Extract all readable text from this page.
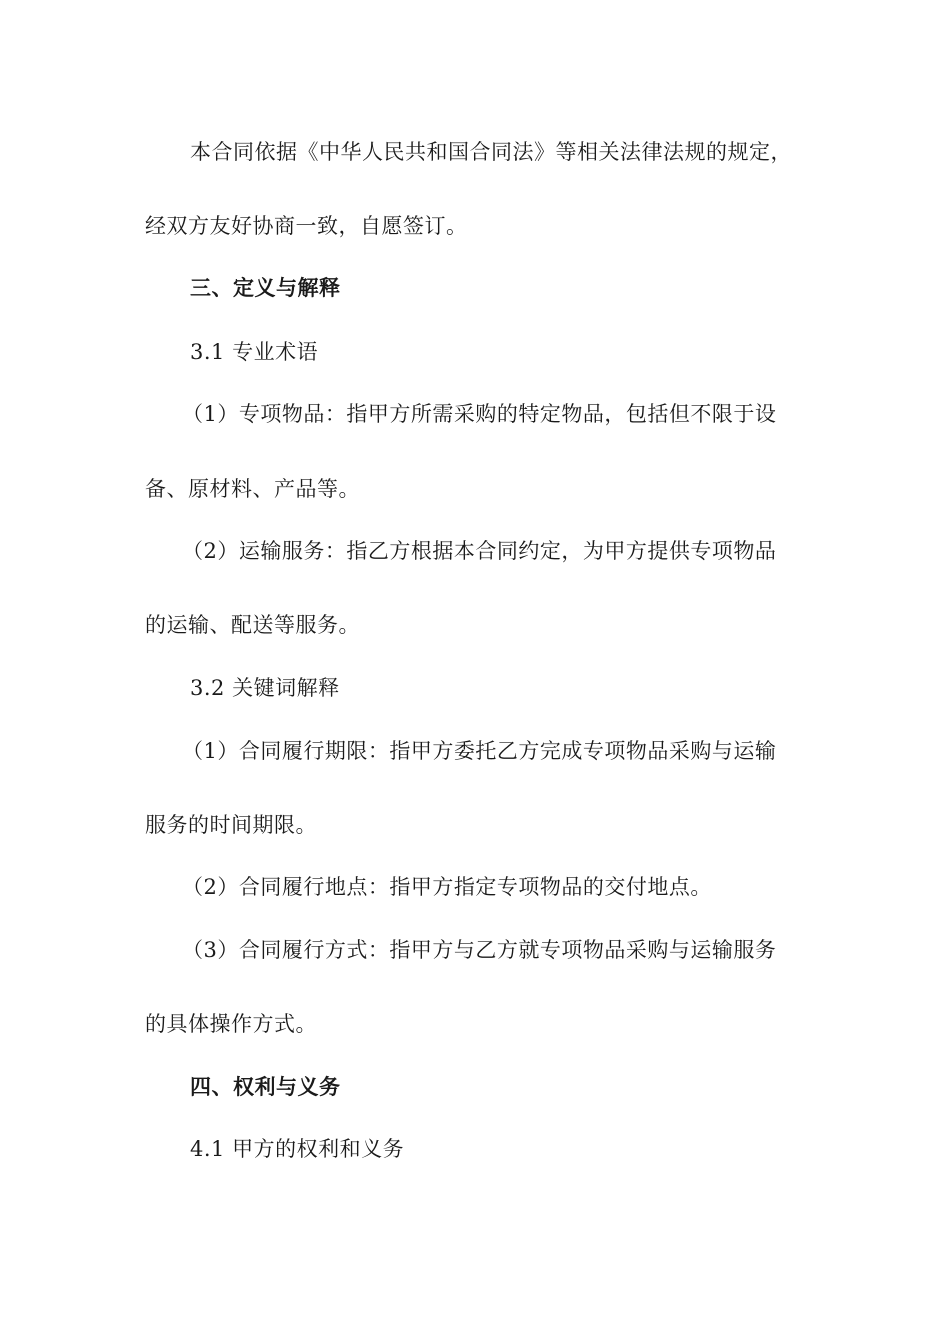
本合同依据《中华人民共和国合同法》等相关法律法规的规定，
经双方友好协商一致，自愿签订。
三、定义与解释
3.1 专业术语
（1）专项物品：指甲方所需采购的特定物品，包括但不限于设
备、原材料、产品等。
（2）运输服务：指乙方根据本合同约定，为甲方提供专项物品
的运输、配送等服务。
3.2 关键词解释
（1）合同履行期限：指甲方委托乙方完成专项物品采购与运输
服务的时间期限。
（2）合同履行地点：指甲方指定专项物品的交付地点。
（3）合同履行方式：指甲方与乙方就专项物品采购与运输服务
的具体操作方式。
四、权利与义务
4.1 甲方的权利和义务
